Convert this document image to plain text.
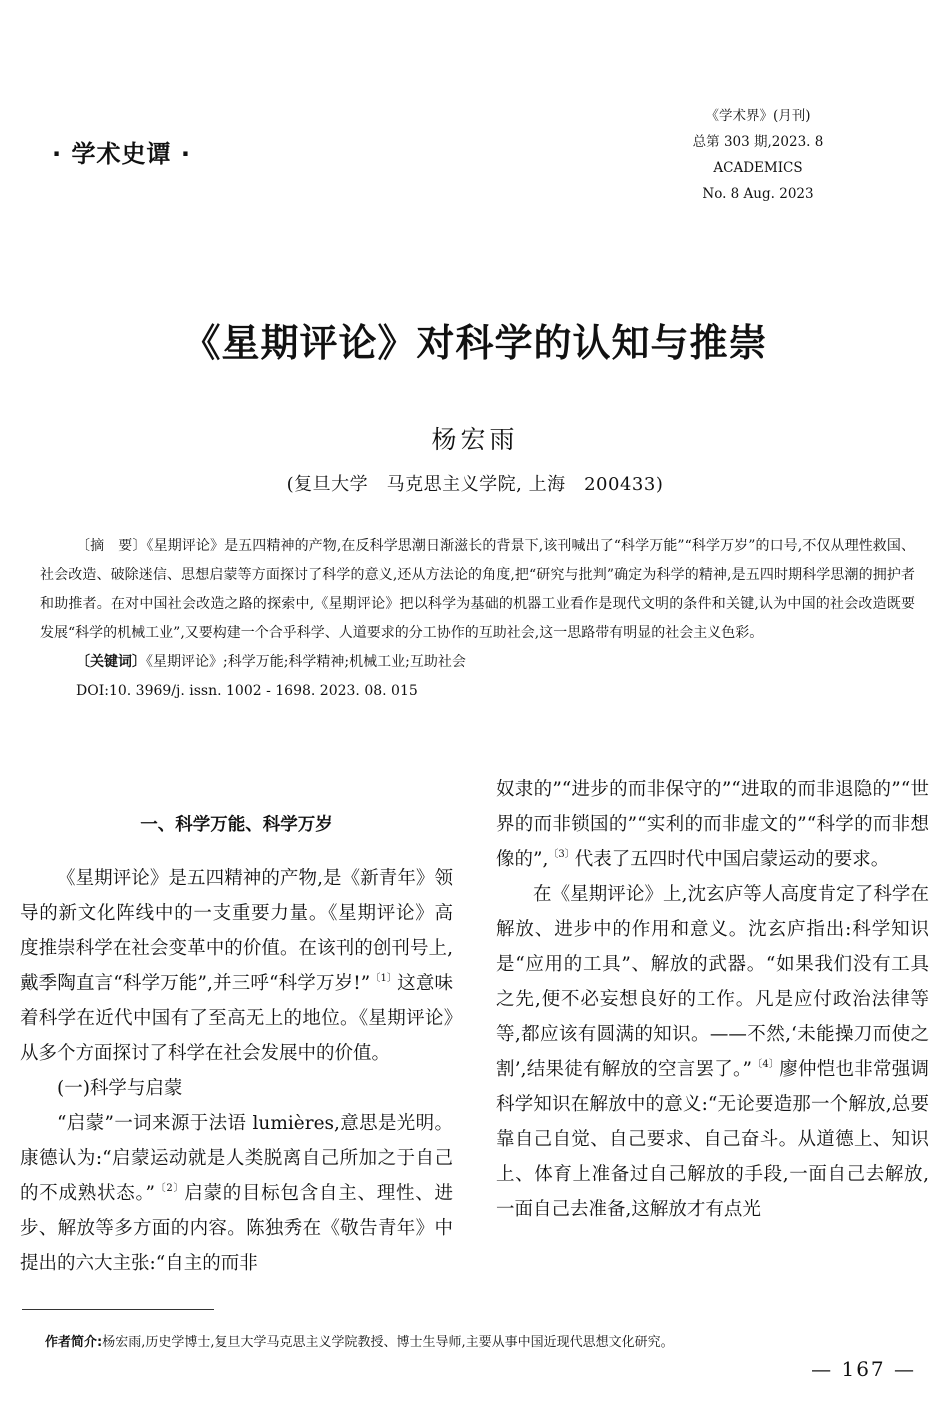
· 学术史谭 ·
《学术界》(月刊)
总第 303 期,2023. 8
ACADEMICS
No. 8 Aug. 2023
《星期评论》对科学的认知与推崇
杨宏雨
(复旦大学　马克思主义学院, 上海　200433)

〔摘　要〕《星期评论》是五四精神的产物,在反科学思潮日渐滋长的背景下,该刊喊出了“科学万能”“科学万岁”的口号,不仅从理性救国、社会改造、破除迷信、思想启蒙等方面探讨了科学的意义,还从方法论的角度,把“研究与批判”确定为科学的精神,是五四时期科学思潮的拥护者和助推者。在对中国社会改造之路的探索中,《星期评论》把以科学为基础的机器工业看作是现代文明的条件和关键,认为中国的社会改造既要发展“科学的机械工业”,又要构建一个合乎科学、人道要求的分工协作的互助社会,这一思路带有明显的社会主义色彩。

〔关键词〕《星期评论》;科学万能;科学精神;机械工业;互助社会

DOI:10. 3969/j. issn. 1002 - 1698. 2023. 08. 015

一、科学万能、科学万岁

《星期评论》是五四精神的产物,是《新青年》领导的新文化阵线中的一支重要力量。《星期评论》高度推崇科学在社会变革中的价值。在该刊的创刊号上,戴季陶直言“科学万能”,并三呼“科学万岁!”$^{〔1〕}$这意味着科学在近代中国有了至高无上的地位。《星期评论》从多个方面探讨了科学在社会发展中的价值。

(一)科学与启蒙

“启蒙”一词来源于法语 lumières,意思是光明。康德认为:“启蒙运动就是人类脱离自己所加之于自己的不成熟状态。”$^{〔2〕}$启蒙的目标包含自主、理性、进步、解放等多方面的内容。陈独秀在《敬告青年》中提出的六大主张:“自主的而非

奴隶的”“进步的而非保守的”“进取的而非退隐的”“世界的而非锁国的”“实利的而非虚文的”“科学的而非想像的”,$^{〔3〕}$代表了五四时代中国启蒙运动的要求。

在《星期评论》上,沈玄庐等人高度肯定了科学在解放、进步中的作用和意义。沈玄庐指出:科学知识是“应用的工具”、解放的武器。“如果我们没有工具之先,便不必妄想良好的工作。凡是应付政治法律等等,都应该有圆满的知识。——不然,‘未能操刀而使之割’,结果徒有解放的空言罢了。”$^{〔4〕}$廖仲恺也非常强调科学知识在解放中的意义:“无论要造那一个解放,总要靠自己自觉、自己要求、自己奋斗。从道德上、知识上、体育上准备过自己解放的手段,一面自己去解放,一面自己去准备,这解放才有点光

作者简介:杨宏雨,历史学博士,复旦大学马克思主义学院教授、博士生导师,主要从事中国近现代思想文化研究。
— 167 —
